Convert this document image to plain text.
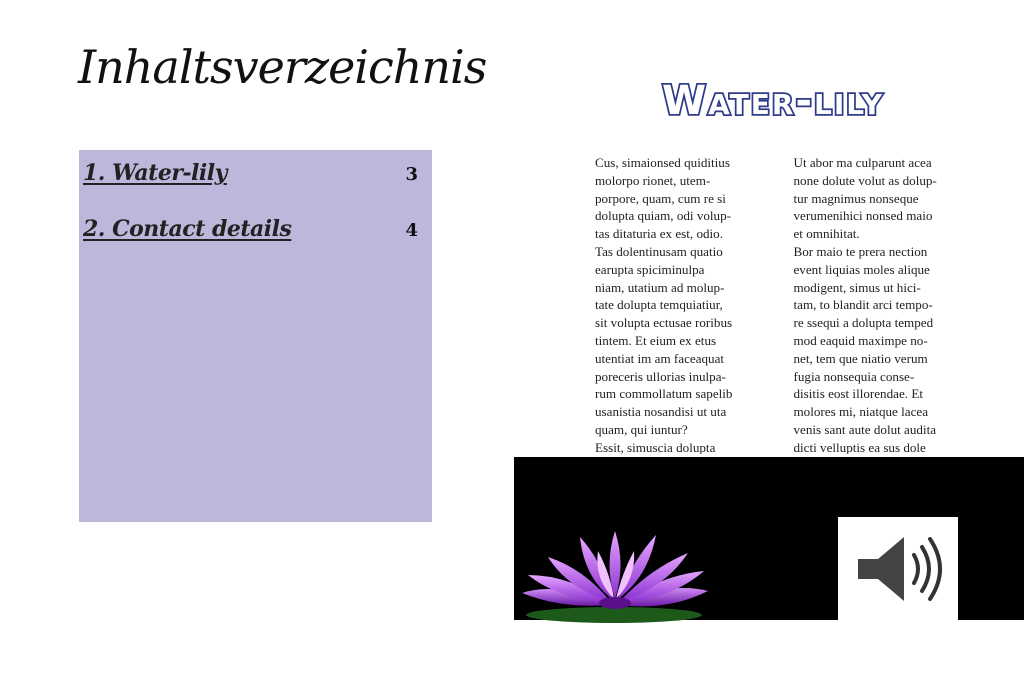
Inhaltsverzeichnis
1. Water-lily	3
2. Contact details	4
Water-lily
Cus, simaionsed quiditius
molorpo rionet, utem-
porpore, quam, cum re si
dolupta quiam, odi volup-
tas ditaturia ex est, odio.
Tas dolentinusam quatio
earupta spiciminulpa
niam, utatium ad molup-
tate dolupta temquiatiur,
sit volupta ectusae roribus
tintem. Et eium ex etus
utentiat im am faceaquat
poreceris ullorias inulpa-
rum commollatum sapelib
usanistia nosandisi ut uta
quam, qui iuntur?
Essit, simuscia dolupta
Ut abor ma culparunt acea
none dolute volut as dolup-
tur magnimus nonseque
verumenihici nonsed maio
et omnihitat.
Bor maio te prera nection
event liquias moles alique
modigent, simus ut hici-
tam, to blandit arci tempo-
re ssequi a dolupta temped
mod eaquid maximpe no-
net, tem que niatio verum
fugia nonsequia conse-
disitis eost illorendae. Et
molores mi, niatque lacea
venis sant aute dolut audita
dicti velluptis ea sus dole
